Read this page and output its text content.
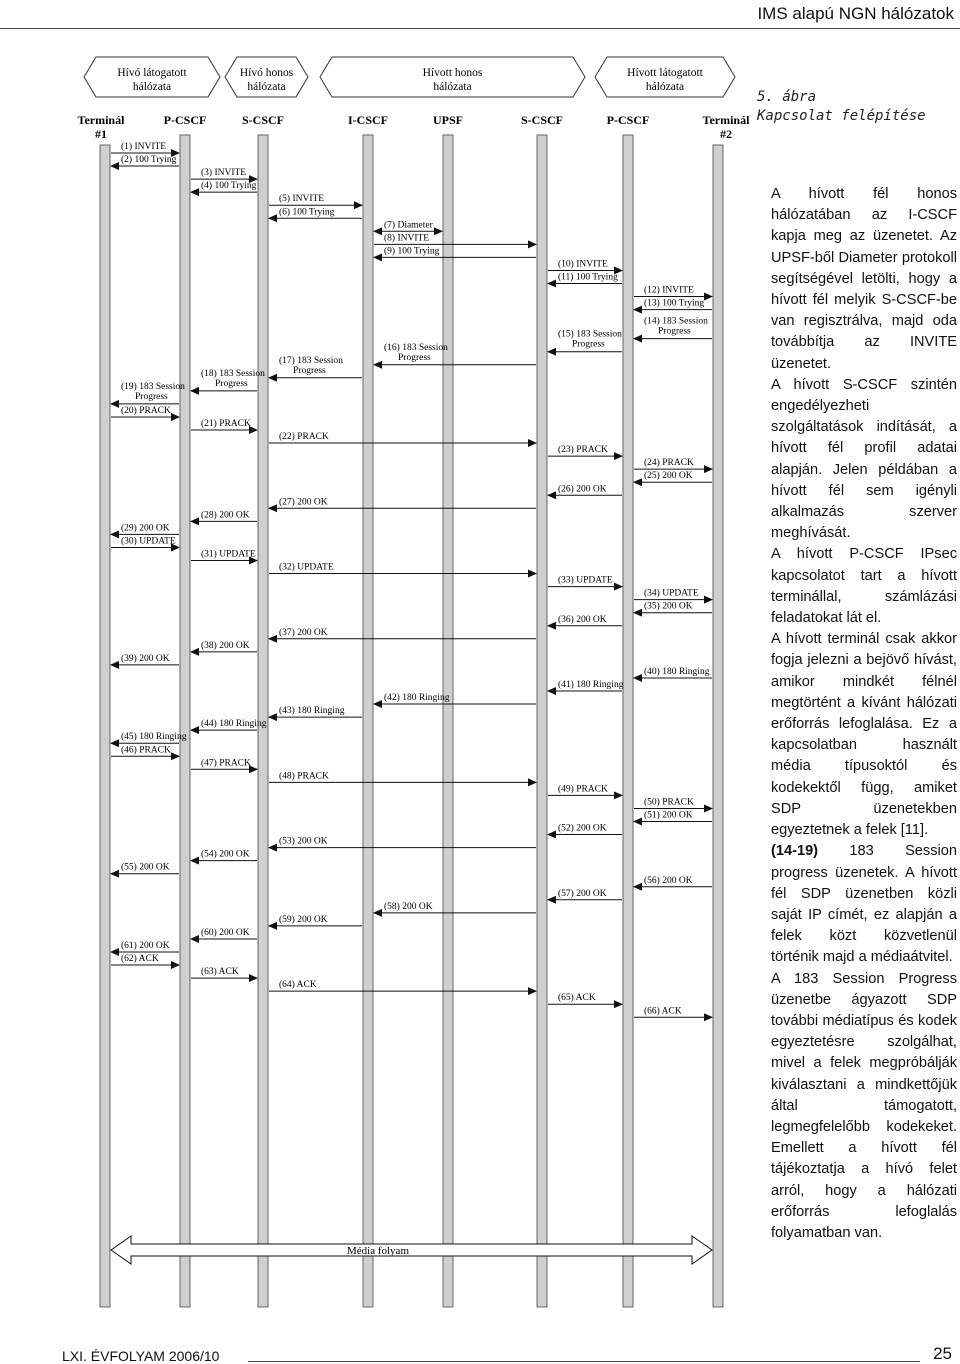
IMS alapú NGN hálózatok
5. ábra
Kapcsolat felépítése
Hívó látogatott
hálózata
Hívó honos
hálózata
Hívott honos
hálózata
Hívott látogatott
hálózata
Terminál
#1
P-CSCF	S-CSCF	I-CSCF	UPSF	S-CSCF	P-CSCF	Terminál
#2
(1) INVITE
(2) 100 Trying
(3) INVITE
(4) 100 Trying
(5) INVITE
(6) 100 Trying
(7) Diameter
(8) INVITE
(9) 100 Trying
(10) INVITE
(11) 100 Trying
(12) INVITE
(13) 100 Trying
(14) 183 Session
Progress
(15) 183 Session
Progress
(16) 183 Session
Progress
(17) 183 Session
Progress
(18) 183 Session
Progress
(19) 183 Session
Progress
(20) PRACK
(21) PRACK
(22) PRACK
(23) PRACK
(24) PRACK
(25) 200 OK
(26) 200 OK
(27) 200 OK
(28) 200 OK
(29) 200 OK
(30) UPDATE
(31) UPDATE
(32) UPDATE
(33) UPDATE
(34) UPDATE
(35) 200 OK
(36) 200 OK
(37) 200 OK
(38) 200 OK
(39) 200 OK
(40) 180 Ringing
(41) 180 Ringing
(42) 180 Ringing
(43) 180 Ringing
(44) 180 Ringing
(45) 180 Ringing
(46) PRACK
(47) PRACK
(48) PRACK
(49) PRACK
(50) PRACK
(51) 200 OK
(52) 200 OK
(53) 200 OK
(54) 200 OK
(55) 200 OK
(56) 200 OK
(57) 200 OK
(58) 200 OK
(59) 200 OK
(60) 200 OK
(61) 200 OK
(62) ACK
(63) ACK
(64) ACK
(65) ACK
(66) ACK
Média folyam

A hívott fél honos hálózatában az I-CSCF kapja meg az üzenetet. Az UPSF-ből Diameter protokoll segítségével letölti, hogy a hívott fél melyik S-CSCF-be van regisztrálva, majd oda továbbítja az INVITE üzenetet.

A hívott S-CSCF szintén engedélyezheti szolgáltatások indítását, a hívott fél profil adatai alapján. Jelen példában a hívott fél sem igényli alkalmazás szerver meghívását.

A hívott P-CSCF IPsec kapcsolatot tart a hívott terminállal, számlázási feladatokat lát el.

A hívott terminál csak akkor fogja jelezni a bejövő hívást, amikor mindkét félnél megtörtént a kívánt hálózati erőforrás lefoglalása. Ez a kapcsolatban használt média típusoktól és kodekektől függ, amiket SDP üzenetekben egyeztetnek a felek [11].

(14-19) 183 Session progress üzenetek. A hívott fél SDP üzenetben közli saját IP címét, ez alapján a felek közt közvetlenül történik majd a médiaátvitel.

A 183 Session Progress üzenetbe ágyazott SDP további médiatípus és kodek egyeztetésre szolgálhat, mivel a felek megpróbálják kiválasztani a mindkettőjük által támogatott, legmegfelelőbb kodekeket. Emellett a hívott fél tájékoztatja a hívó felet arról, hogy a hálózati erőforrás lefoglalás folyamatban van.

LXI. ÉVFOLYAM 2006/10	25
